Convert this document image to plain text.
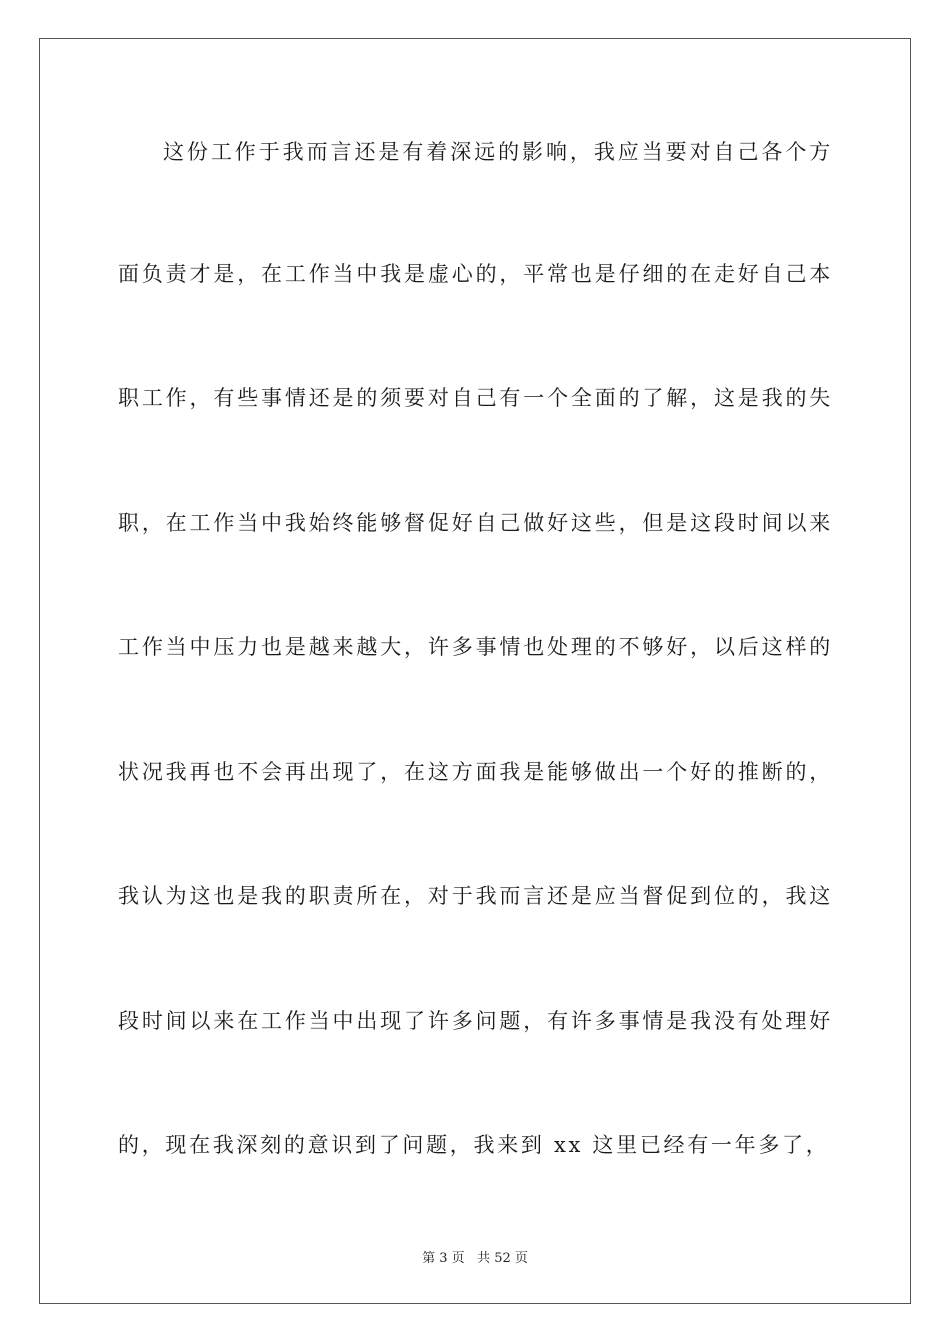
这份工作于我而言还是有着深远的影响，我应当要对自己各个方
面负责才是，在工作当中我是虚心的，平常也是仔细的在走好自己本
职工作，有些事情还是的须要对自己有一个全面的了解，这是我的失
职，在工作当中我始终能够督促好自己做好这些，但是这段时间以来
工作当中压力也是越来越大，许多事情也处理的不够好，以后这样的
状况我再也不会再出现了，在这方面我是能够做出一个好的推断的，
我认为这也是我的职责所在，对于我而言还是应当督促到位的，我这
段时间以来在工作当中出现了许多问题，有许多事情是我没有处理好
的，现在我深刻的意识到了问题，我来到 xx 这里已经有一年多了，
第 3 页 共 52 页
